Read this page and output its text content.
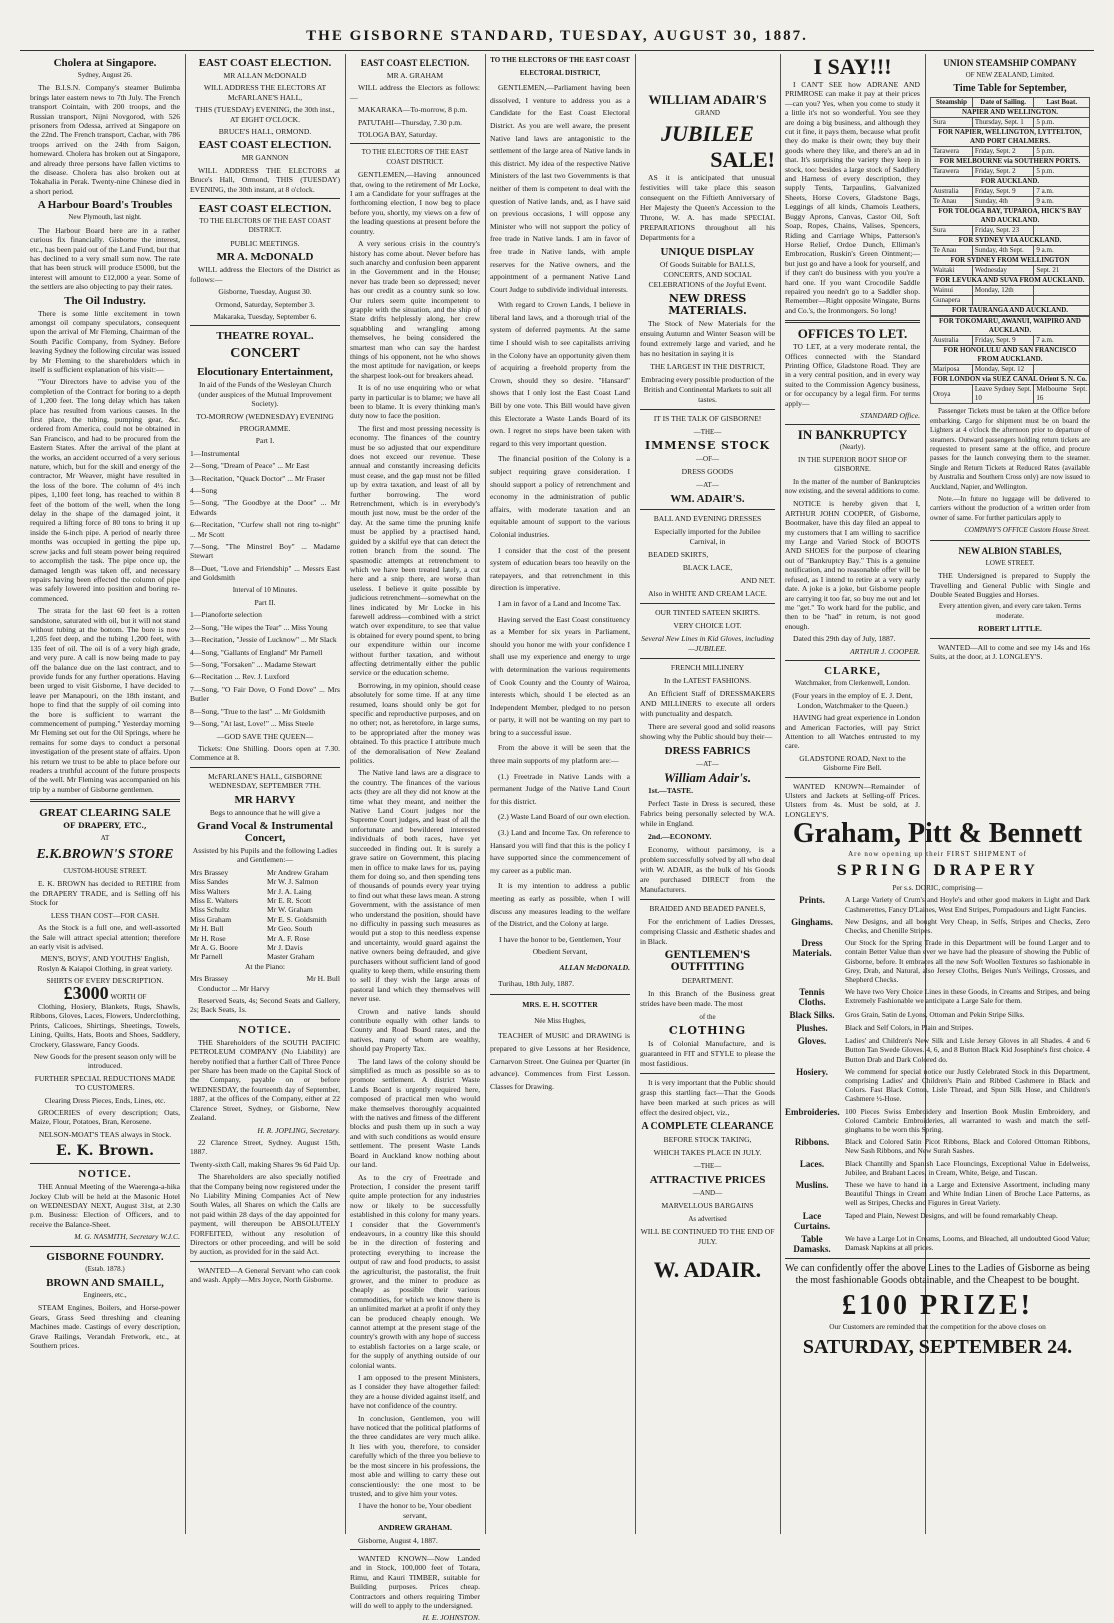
THE GISBORNE STANDARD, TUESDAY, AUGUST 30, 1887.
Cholera at Singapore.

Sydney, August 26.

The B.I.S.N. Company's steamer Bulimba brings later eastern news to 7th July. The French transport Cointain, with 200 troops, and the Russian transport, Nijni Novgorod, with 526 prisoners from Odessa, arrived at Singapore on the 22nd. The French transport, Cachar, with 786 troops arrived on the 24th from Saigon, homeward. Cholera has broken out at Singapore, and already three persons have fallen victims to the disease. Cholera has also broken out at Tokahalia in Perak. Twenty-nine Chinese died in a short period.

A Harbour Board's Troubles

New Plymouth, last night.

The Harbour Board here are in a rather curious fix financially. Gisborne the interest, etc., has been paid out of the Land Fund, but that has declined to a very small sum now. The rate that has been struck will produce £5000, but the interest will amount to £12,000 a year. Some of the settlers are also objecting to pay their rates.

The Oil Industry.

There is some little excitement in town amongst oil company speculators, consequent upon the arrival of Mr Fleming, Chairman of the South Pacific Company, from Sydney. Before leaving Sydney the following circular was issued by Mr Fleming to the shareholders which in itself is sufficient explanation of his visit:—

"Your Directors have to advise you of the completion of the Contract for boring to a depth of 1,200 feet. The long delay which has taken place has resulted from various causes. In the first place, the tubing, pumping gear, &c. ordered from America, could not be obtained in San Francisco, and had to be procured from the Eastern States. After the arrival of the plant at the works, an accident occurred of a very serious nature, which, but for the skill and energy of the contractor, Mr Weaver, might have resulted in the loss of the bore. The column of 4½ inch pipes, 1,100 feet long, has reached to within 8 feet of the bottom of the well, when the long delay in the shape of the damaged joint, it required a lifting force of 80 tons to bring it up inside the 6-inch pipe. A period of nearly three months was occupied in getting the pipe up, screw jacks and full steam power being required to accomplish the task. The pipe once up, the damaged length was taken off, and necessary repairs having been effected the column of pipe was safely lowered into position and boring re-commenced.

The strata for the last 60 feet is a rotten sandstone, saturated with oil, but it will not stand without tubing at the bottom. The bore is now 1,205 feet deep, and the tubing 1,200 feet, with 135 feet of oil. The oil is of a very high grade, and very pure. A call is now being made to pay off the balance due on the last contract, and to provide funds for any further operations. Having been urged to visit Gisborne, I have decided to leave per Manapouri, on the 18th instant, and hope to find that the supply of oil coming into the bore is sufficient to warrant the commencement of pumping." Yesterday morning Mr Fleming set out for the Oil Springs, where he remains for some days to conduct a personal investigation of the present state of affairs. Upon his return we trust to be able to place before our readers a truthful account of the future prospects of the well. Mr Fleming was accompanied on his trip by a number of Gisborne gentlemen.

GREAT CLEARING SALE

OF DRAPERY, ETC.,

AT

E.K.BROWN'S STORE

CUSTOM-HOUSE STREET.

E. K. BROWN has decided to RETIRE from the DRAPERY TRADE, and is Selling off his Stock for

LESS THAN COST—FOR CASH.

As the Stock is a full one, and well-assorted the Sale will attract special attention; therefore an early visit is advised.

MEN'S, BOYS', AND YOUTHS' English, Roslyn & Kaiapoi Clothing, in great variety.

SHIRTS OF EVERY DESCRIPTION.

£3000 WORTH OF

Clothing, Hosiery, Blankets, Rugs, Shawls, Ribbons, Gloves, Laces, Flowers, Underclothing, Prints, Calicoes, Shirtings, Sheetings, Towels, Lining, Quilts, Hats, Boots and Shoes, Saddlery, Crockery, Glassware, Fancy Goods.

New Goods for the present season only will be introduced.

FURTHER SPECIAL REDUCTIONS MADE TO CUSTOMERS.

Clearing Dress Pieces, Ends, Lines, etc.

GROCERIES of every description; Oats, Maize, Flour, Potatoes, Bran, Kerosene.

NELSON-MOAT'S TEAS always in Stock.

E. K. Brown.
NOTICE.

THE Annual Meeting of the Waerenga-a-hika Jockey Club will be held at the Masonic Hotel on WEDNESDAY NEXT, August 31st, at 2.30 p.m. Business: Election of Officers, and to receive the Balance-Sheet.

M. G. NASMITH, Secretary W.J.C.

GISBORNE FOUNDRY.

(Estab. 1878.)

BROWN AND SMAILL,

Engineers, etc.,

STEAM Engines, Boilers, and Horse-power Gears, Grass Seed threshing and cleaning Machines made. Castings of every description, Grave Railings, Verandah Fretwork, etc., at Southern prices.

EAST COAST ELECTION.

MR ALLAN McDONALD

WILL ADDRESS THE ELECTORS AT McFARLANE'S HALL,

THIS (TUESDAY) EVENING, the 30th inst., AT EIGHT O'CLOCK.

BRUCE'S HALL, ORMOND.

EAST COAST ELECTION.

MR GANNON

WILL ADDRESS THE ELECTORS at Bruce's Hall, Ormond, THIS (TUESDAY) EVENING, the 30th instant, at 8 o'clock.

EAST COAST ELECTION.

TO THE ELECTORS OF THE EAST COAST DISTRICT.

PUBLIC MEETINGS.

MR A. McDONALD

WILL address the Electors of the District as follows:—

Gisborne, Tuesday, August 30.

Ormond, Saturday, September 3.

Makaraka, Tuesday, September 6.

THEATRE ROYAL.
CONCERT
Elocutionary Entertainment,

In aid of the Funds of the Wesleyan Church (under auspices of the Mutual Improvement Society).

TO-MORROW (WEDNESDAY) EVENING

PROGRAMME.

Part I.

1—Instrumental

2—Song, "Dream of Peace" ... Mr East

3—Recitation, "Quack Doctor" ... Mr Fraser

4—Song

5—Song, "The Goodbye at the Door" ... Mr Edwards

6—Recitation, "Curfew shall not ring to-night" ... Mr Scott

7—Song, "The Minstrel Boy" ... Madame Stewart

8—Duet, "Love and Friendship" ... Messrs East and Goldsmith

Interval of 10 Minutes.

Part II.

1—Pianoforte selection

2—Song, "He wipes the Tear" ... Miss Young

3—Recitation, "Jessie of Lucknow" ... Mr Slack

4—Song, "Gallants of England" Mr Parnell

5—Song, "Forsaken" ... Madame Stewart

6—Recitation ... Rev. J. Luxford

7—Song, "O Fair Dove, O Fond Dove" ... Mrs Butler

8—Song, "True to the last" ... Mr Goldsmith

9—Song, "At last, Love!" ... Miss Steele

—GOD SAVE THE QUEEN—

Tickets: One Shilling. Doors open at 7.30. Commence at 8.

McFARLANE'S HALL, GISBORNE WEDNESDAY, SEPTEMBER 7TH.

MR HARVY

Begs to announce that he will give a

Grand Vocal & Instrumental Concert,

Assisted by his Pupils and the following Ladies and Gentlemen:—

Mrs Brassey	Mr Andrew Graham
Miss Sandes	Mr W. J. Salmon
Miss Walters	Mr J. A. Laing
Miss E. Walters	Mr E. R. Scott
Miss Schultz	Mr W. Graham
Miss Graham	Mr E. S. Goldsmith
Mr H. Bull	Mr Geo. South
Mr H. Rose	Mr A. F. Rose
Mr A. G. Boore	Mr J. Davis
Mr Parnell	Master Graham

At the Piano:

Mrs Brassey	Mr H. Bull

Conductor ... Mr Harvy

Reserved Seats, 4s; Second Seats and Gallery, 2s; Back Seats, 1s.

NOTICE.

THE Shareholders of the SOUTH PACIFIC PETROLEUM COMPANY (No Liability) are hereby notified that a further Call of Three Pence per Share has been made on the Capital Stock of the Company, payable on or before WEDNESDAY, the fourteenth day of September, 1887, at the offices of the Company, either at 22 Clarence Street, Sydney, or Gisborne, New Zealand.

H. R. JOPLING, Secretary.

22 Clarence Street, Sydney. August 15th, 1887.

Twenty-sixth Call, making Shares 9s 6d Paid Up.

The Shareholders are also specially notified that the Company being now registered under the No Liability Mining Companies Act of New South Wales, all Shares on which the Calls are not paid within 28 days of the day appointed for payment, will thereupon be ABSOLUTELY FORFEITED, without any resolution of Directors or other proceeding, and will be sold by auction, as provided for in the said Act.

WANTED—A General Servant who can cook and wash. Apply—Mrs Joyce, North Gisborne.

EAST COAST ELECTION.

MR A. GRAHAM

WILL address the Electors as follows:—

MAKARAKA—To-morrow, 8 p.m.

PATUTAHI—Thursday, 7.30 p.m.

TOLOGA BAY, Saturday.

TO THE ELECTORS OF THE EAST COAST DISTRICT.

GENTLEMEN,—Having announced that, owing to the retirement of Mr Locke, I am a Candidate for your suffrages at the forthcoming election, I now beg to place before you, shortly, my views on a few of the leading questions at present before the country.

A very serious crisis in the country's history has come about. Never before has such anarchy and confusion been apparent in the Government and in the House; never has trade been so depressed; never has our credit as a country sunk so low. Our rulers seem quite incompetent to grapple with the situation, and the ship of State drifts helplessly along, her crew squabbling and wrangling among themselves, he being considered the smartest man who can say the hardest things of his opponent, not he who shows the most aptitude for navigation, or keeps the sharpest look-out for breakers ahead.

It is of no use enquiring who or what party in particular is to blame; we have all been to blame. It is every thinking man's duty now to face the position.

The first and most pressing necessity is economy. The finances of the country must be so adjusted that our expenditure does not exceed our revenue. These annual and constantly increasing deficits must cease, and the gap must not be filled up by extra taxation, and least of all by further borrowing. The word Retrenchment, which is in everybody's mouth just now, must be the order of the day. At the same time the pruning knife must be applied by a practised hand, guided by a skilful eye that can detect the rotten branch from the sound. The spasmodic attempts at retrenchment to which we have been treated lately, a cut here and a snip there, are worse than useless. I believe it quite possible by judicious retrenchment—somewhat on the lines indicated by Mr Locke in his farewell address—combined with a strict watch over expenditure, to see that value is obtained for every pound spent, to bring our expenditure within our income without further taxation, and without affecting detrimentally either the public service or the education scheme.

Borrowing, in my opinion, should cease absolutely for some time. If at any time resumed, loans should only be got for specific and reproductive purposes, and on no other; not, as heretofore, in large sums, to be appropriated after the money was obtained. To this practice I attribute much of the demoralisation of New Zealand politics.

The Native land laws are a disgrace to the country. The finances of the various acts (they are all they did not know at the time what they meant, and neither the Native Land Court judges nor the Supreme Court judges, and least of all the unfortunate and bewildered interested individuals of both races, have yet succeeded in finding out. It is surely a grave satire on Government, this placing men in office to make laws for us, paying them for doing so, and then spending tens of thousands of pounds every year trying to find out what these laws mean. A strong Government, with the assistance of men who understand the position, should have no difficulty in passing such measures as would put a stop to this needless expense and uncertainty, would guard against the native owners being defrauded, and give purchasers without sufficient land of good quality to keep them, while ensuring them to sell if they wish the large areas of pastoral land which they themselves will never use.

Crown and native lands should contribute equally with other lands to County and Road Board rates, and the natives, many of whom are wealthy, should pay Property Tax.

The land laws of the colony should be simplified as much as possible so as to promote settlement. A district Waste Lands Board is urgently required here, composed of practical men who would make themselves thoroughly acquainted with the natives and fitness of the different blocks and push them up in such a way and with such conditions as would ensure settlement. The present Waste Lands Board in Auckland know nothing about our land.

As to the cry of Freetrade and Protection, I consider the present tariff quite ample protection for any industries now or likely to be successfully established in this colony for many years. I consider that the Government's endeavours, in a country like this should be in the direction of fostering and protecting everything to increase the output of raw and food products, to assist the agriculturist, the pastoralist, the fruit grower, and the miner to produce as cheaply as possible their various commodities, for which we know there is an unlimited market at a profit if only they can be produced cheaply enough. We cannot attempt at the present stage of the country's growth with any hope of success to establish factories on a large scale, or for the supply of anything outside of our colonial wants.

I am opposed to the present Ministers, as I consider they have altogether failed: they are a house divided against itself, and have not confidence of the country.

In conclusion, Gentlemen, you will have noticed that the political platforms of the three candidates are very much alike. It lies with you, therefore, to consider carefully which of the three you believe to be the most sincere in his professions, the most able and willing to carry these out conscientiously: the one most to be trusted, and to give him your votes.

I have the honor to be, Your obedient servant,

ANDREW GRAHAM.

Gisborne, August 4, 1887.

WANTED KNOWN—Now Landed and in Stock, 100,000 feet of Totara, Rimu, and Kauri TIMBER, suitable for Building purposes. Prices cheap. Contractors and others requiring Timber will do well to apply to the undersigned.

H. E. JOHNSTON.

TO THE ELECTORS OF THE EAST COAST ELECTORAL DISTRICT,

GENTLEMEN,—Parliament having been dissolved, I venture to address you as a Candidate for the East Coast Electoral District. As you are well aware, the present Native land laws are antagonistic to the settlement of the large area of Native lands in this district. My idea of the respective Native Ministers of the last two Governments is that neither of them is competent to deal with the question of Native lands, and, as I have said on previous occasions, I will oppose any Minister who will not support the policy of free trade in Native lands. I am in favor of free trade in Native lands, with ample reserves for the Native owners, and the appointment of a permanent Native Land Court Judge to subdivide individual interests.

With regard to Crown Lands, I believe in liberal land laws, and a thorough trial of the system of deferred payments. At the same time I should wish to see capitalists arriving in the Colony have an opportunity given them of acquiring a freehold property from the Crown, should they so desire. "Hansard" shows that I only lost the East Coast Land Bill by one vote. This Bill would have given this Electorate a Waste Lands Board of its own. I regret no steps have been taken with regard to this very important question.

The financial position of the Colony is a subject requiring grave consideration. I should support a policy of retrenchment and economy in the administration of public affairs, with moderate taxation and an equitable amount of support to the various Colonial industries.

I consider that the cost of the present system of education bears too heavily on the ratepayers, and that retrenchment in this direction is imperative.

I am in favor of a Land and Income Tax.

Having served the East Coast constituency as a Member for six years in Parliament, should you honor me with your confidence I shall use my experience and energy to urge with determination the various requirements of Cook County and the County of Wairoa, interests which, should I be elected as an Independent Member, pledged to no person or party, it will not be wanting on my part to bring to a successful issue.

From the above it will be seen that the three main supports of my platform are:—

(1.) Freetrade in Native Lands with a permanent Judge of the Native Land Court for this district.

(2.) Waste Land Board of our own election.

(3.) Land and Income Tax. On reference to Hansard you will find that this is the policy I have supported since the commencement of my career as a public man.

It is my intention to address a public meeting as early as possible, when I will discuss any measures leading to the welfare of the District, and the Colony at large.

I have the honor to be, Gentlemen, Your Obedient Servant,

ALLAN McDONALD.

Turihau, 18th July, 1887.

MRS. E. H. SCOTTER

Née Miss Hughes,

TEACHER of MUSIC and DRAWING is prepared to give Lessons at her Residence, Carnarvon Street. One Guinea per Quarter (in advance). Commences from First Lesson. Classes for Drawing.

WILLIAM ADAIR'S

GRAND

JUBILEE
SALE!

AS it is anticipated that unusual festivities will take place this season consequent on the Fiftieth Anniversary of Her Majesty the Queen's Accession to the Throne, W. A. has made SPECIAL PREPARATIONS throughout all his Departments for a

UNIQUE DISPLAY

Of Goods Suitable for BALLS, CONCERTS, AND SOCIAL CELEBRATIONS of the Joyful Event.

NEW DRESS MATERIALS.

The Stock of New Materials for the ensuing Autumn and Winter Season will be found extremely large and varied, and he has no hesitation in saying it is

THE LARGEST IN THE DISTRICT,

Embracing every possible production of the British and Continental Markets to suit all tastes.

IT IS THE TALK OF GISBORNE!

—THE—

IMMENSE STOCK

—OF—

DRESS GOODS

—AT—

WM. ADAIR'S.

BALL AND EVENING DRESSES

Especially imported for the Jubilee Carnival, in

BEADED SKIRTS,

BLACK LACE,

AND NET.

Also in WHITE AND CREAM LACE.

OUR TINTED SATEEN SKIRTS.

VERY CHOICE LOT.

Several New Lines in Kid Gloves, including—JUBILEE.

FRENCH MILLINERY

In the LATEST FASHIONS.

An Efficient Staff of DRESSMAKERS AND MILLINERS to execute all orders with punctuality and despatch.

There are several good and solid reasons showing why the Public should buy their—

DRESS FABRICS

—AT—

William Adair's.

1st.—TASTE.

Perfect Taste in Dress is secured, these Fabrics being personally selected by W.A. while in England.

2nd.—ECONOMY.

Economy, without parsimony, is a problem successfully solved by all who deal with W. ADAIR, as the bulk of his Goods are purchased DIRECT from the Manufacturers.

BRAIDED AND BEADED PANELS,

For the enrichment of Ladies Dresses, comprising Classic and Æsthetic shades and in Black.

GENTLEMEN'S OUTFITTING

DEPARTMENT.

In this Branch of the Business great strides have been made. The most

of the

CLOTHING

Is of Colonial Manufacture, and is guaranteed in FIT and STYLE to please the most fastidious.

It is very important that the Public should grasp this startling fact—That the Goods have been marked at such prices as will effect the desired object, viz.,

A COMPLETE CLEARANCE

BEFORE STOCK TAKING,

WHICH TAKES PLACE IN JULY.

—THE—

ATTRACTIVE PRICES

—AND—

MARVELLOUS BARGAINS

As advertised

WILL BE CONTINUED TO THE END OF JULY.

W. ADAIR.
I SAY!!!

I CAN'T SEE how ADRANE AND PRIMROSE can make it pay at their prices—can you? Yes, when you come to study it a little it's not so wonderful. You see they are doing a big business, and although they cut it fine, it pays them, because what profit they do make is their own; they buy their goods where they like, and there's an ad in that. It's surprising the variety they keep in stock, too: besides a large stock of Saddlery and Harness of every description, they supply Tents, Tarpaulins, Galvanized Sheets, Horse Covers, Gladstone Bags, Leggings of all kinds, Chamois Leathers, Buggy Aprons, Canvas, Castor Oil, Soft Soap, Ropes, Chains, Valises, Spencers, Riding and Carriage Whips, Patterson's Horse Relief, Ordoe Dunch, Elliman's Embrocation, Ruskin's Green Ointment;—but just go and have a look for yourself, and if they can't do business with you you're a hard one. If you want Crocodile Saddle repaired you needn't go to a Saddler shop. Remember—Right opposite Wingate, Burns and Co.'s, the Ironmongers. So long!

OFFICES TO LET.

TO LET, at a very moderate rental, the Offices connected with the Standard Printing Office, Gladstone Road. They are in a very central position, and in every way suited to the Commission Agency business, or for occupancy by a legal firm. For terms apply—

STANDARD Office.

IN BANKRUPTCY

(Nearly).

IN THE SUPERIOR BOOT SHOP OF GISBORNE.

In the matter of the number of Bankruptcies now existing, and the several additions to come.

NOTICE is hereby given that I, ARTHUR JOHN COOPER, of Gisborne, Bootmaker, have this day filed an appeal to my customers that I am willing to sacrifice my Large and Varied Stock of BOOTS AND SHOES for the purpose of clearing out of "Bankruptcy Bay." This is a genuine notification, and no reasonable offer will be refused, as I intend to retire at a very early date. A joke is a joke, but Gisborne people are carrying it too far, so buy me out and let me "get." To work hard for the public, and then to be "had" in return, is not good enough.

Dated this 29th day of July, 1887.

ARTHUR J. COOPER.

CLARKE,

Watchmaker, from Clerkenwell, London.

(Four years in the employ of E. J. Dent, London, Watchmaker to the Queen.)

HAVING had great experience in London and American Factories, will pay Strict Attention to all Watches entrusted to my care.

GLADSTONE ROAD, Next to the Gisborne Fire Bell.

WANTED KNOWN—Remainder of Ulsters and Jackets at Selling-off Prices. Ulsters from 4s. Must be sold, at J. LONGLEY'S.

UNION STEAMSHIP COMPANY

OF NEW ZEALAND, Limited.

Time Table for September,
Steamship	Date of Sailing.	Last Boat.
NAPIER AND WELLINGTON.		
Sura	Thursday, Sept. 1	5 p.m.
FOR NAPIER, WELLINGTON, LYTTELTON, AND PORT CHALMERS.		
Tarawera	Friday, Sept. 2	5 p.m.
FOR MELBOURNE via SOUTHERN PORTS.		
Tarawera	Friday, Sept. 2	5 p.m.
FOR AUCKLAND.		
Australia	Friday, Sept. 9	7 a.m.
Te Anau	Sunday, 4th	9 a.m.
FOR TOLOGA BAY, TUPAROA, HICK'S BAY AND AUCKLAND.		
Sura	Friday, Sept. 23	
FOR SYDNEY VIA AUCKLAND.		
Te Anau	Sunday, 4th Sept.	9 a.m.
FOR SYDNEY FROM WELLINGTON		
Waitaki	Wednesday	Sept. 21
FOR LEVUKA AND SUVA FROM AUCKLAND.		
Wainui	Monday, 12th	
Gunapera		
FOR TAURANGA AND AUCKLAND.		

FOR TOKOMARU, AWANUI, WAIPIRO AND AUCKLAND.		
Australia	Friday, Sept. 9	7 a.m.
FOR HONOLULU AND SAN FRANCISCO FROM AUCKLAND.		
Mariposa	Monday, Sept. 12	
FOR LONDON via SUEZ CANAL Orient S. N. Co.		
Oroya	Leave Sydney Sept. 10	Melbourne Sept. 16

Passenger Tickets must be taken at the Office before embarking. Cargo for shipment must be on board the Lighters at 4 o'clock the afternoon prior to departure of steamers. Outward passengers holding return tickets are requested to present same at the office, and procure passes for the launch conveying them to the steamer. Single and Return Tickets at Reduced Rates (available by Australia and Southern Cross only) are now issued to Auckland, Napier, and Wellington.

Note.—In future no luggage will be delivered to carriers without the production of a written order from owner of same. For further particulars apply to

COMPANY'S OFFICE Custom House Street.

NEW ALBION STABLES,

LOWE STREET.

THE Undersigned is prepared to Supply the Travelling and General Public with Single and Double Seated Buggies and Horses.

Every attention given, and every care taken. Terms moderate.

ROBERT LITTLE.

WANTED—All to come and see my 14s and 16s Suits, at the door, at J. LONGLEY'S.

Graham, Pitt & Bennett

Are now opening up their FIRST SHIPMENT of

SPRING DRAPERY

Per s.s. DORIC, comprising—

Prints.	A Large Variety of Crum's and Hoyle's and other good makers in Light and Dark Cashmerettes, Fancy D'Laines, West End Stripes, Pompadours and Light Fancies.
Ginghams.	New Designs, and all bought Very Cheap, in Selfs, Stripes and Checks, Zero Checks, and Chenille Stripes.
Dress Materials.
Our Stock for the Spring Trade in this Department will be found Larger and to contain Better Value than ever we have had the pleasure of showing the Public of Gisborne, before. It embraces all the new Soft Woollen Textures so fashionable in Grey, Drab, and Natural, also Jersey Cloths, Beiges Nun's Veilings, Crosses, and Shepherd Checks.
Tennis Cloths.
We have two Very Choice Lines in these Goods, in Creams and Stripes, and being Extremely Fashionable we anticipate a Large Sale for them.
Black Silks.	Gros Grain, Satin de Lyons, Ottoman and Pekin Stripe Silks.
Plushes.	Black and Self Colors, in Plain and Stripes.
Gloves.	Ladies' and Children's New Silk and Lisle Jersey Gloves in all Shades. 4 and 6 Button Tan Swede Gloves. 4, 6, and 8 Button Black Kid Josephine's first choice. 4 Button Drab and Dark Colored do.
Hosiery.	We commend for special notice our Justly Celebrated Stock in this Department, comprising Ladies' and Children's Plain and Ribbed Cashmere in Black and Colors. Fast Black Cotton, Lisle Thread, and Spun Silk Hose, and Children's Cashmere ½-Hose.
Embroideries. 100 Pieces Swiss Embroidery and Insertion Book Muslin Embroidery, and Colored Cambric Embroideries, all warranted to wash and match the self-ginghams to be worn this Spring.
Ribbons.	Black and Colored Satin Picot Ribbons, Black and Colored Ottoman Ribbons, New Sash Ribbons, and New Surah Sashes.
Laces.	Black Chantilly and Spanish Lace Flouncings, Exceptional Value in Edelweiss, Jubilee, and Brabant Laces, in Cream, White, Beige, and Tuscan.
Muslins.	These we have to hand in a Large and Extensive Assortment, including many Beautiful Things in Cream and White Indian Linen of Broche Lace Patterns, as well as Stripes, Checks and Figures in Great Variety.
Lace Curtains.
Taped and Plain, Newest Designs, and will be found remarkably Cheap.
Table Damasks.
We have a Large Lot in Creams, Looms, and Bleached, all undoubted Good Value; Damask Napkins at all prices.

We can confidently offer the above Lines to the Ladies of Gisborne as being the most fashionable Goods obtainable, and the Cheapest to be bought.

£100 PRIZE!

Our Customers are reminded that the competition for the above closes on

SATURDAY, SEPTEMBER 24.
